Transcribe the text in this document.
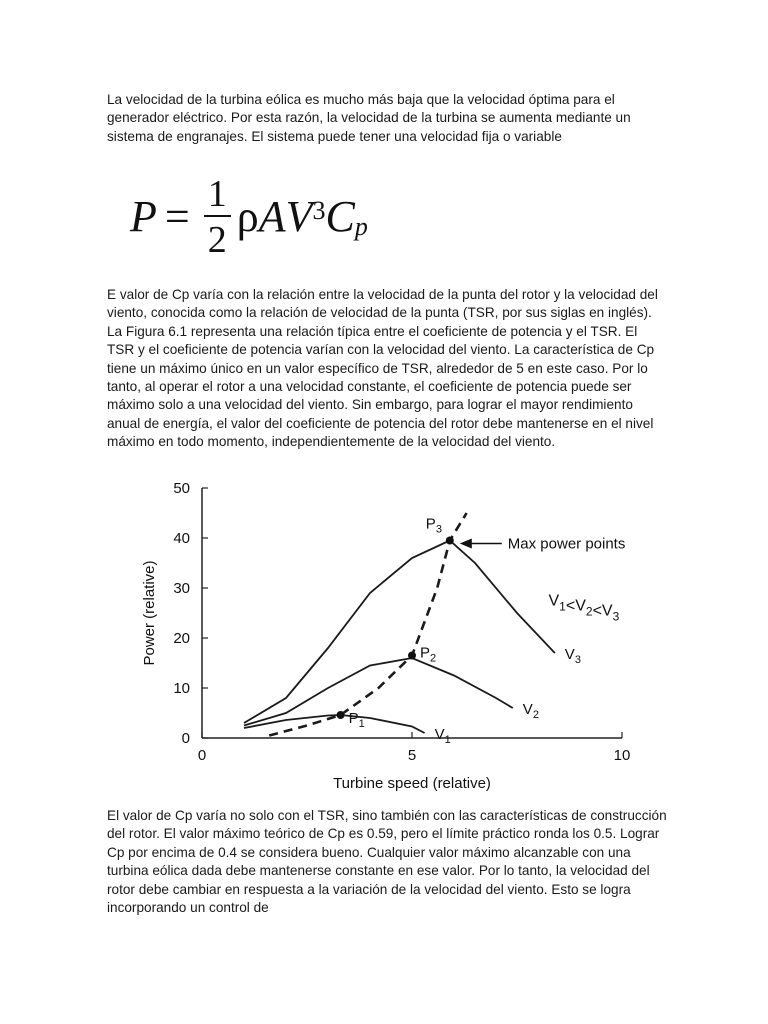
La velocidad de la turbina eólica es mucho más baja que la velocidad óptima para el generador eléctrico. Por esta razón, la velocidad de la turbina se aumenta mediante un sistema de engranajes. El sistema puede tener una velocidad fija o variable

$P = \frac{1}{2}$ ρ A $V^3$ $C_p$

E valor de Cp varía con la relación entre la velocidad de la punta del rotor y la velocidad del viento, conocida como la relación de velocidad de la punta (TSR, por sus siglas en inglés). La Figura 6.1 representa una relación típica entre el coeficiente de potencia y el TSR. El TSR y el coeficiente de potencia varían con la velocidad del viento. La característica de Cp tiene un máximo único en un valor específico de TSR, alrededor de 5 en este caso. Por lo tanto, al operar el rotor a una velocidad constante, el coeficiente de potencia puede ser máximo solo a una velocidad del viento. Sin embargo, para lograr el mayor rendimiento anual de energía, el valor del coeficiente de potencia del rotor debe mantenerse en el nivel máximo en todo momento, independientemente de la velocidad del viento.

0	5	10
0
10
20
30
40
50
Turbine speed (relative)
Power (relative)
$V_1$
$V_2$
$V_3$
$P_1$
$P_2$
$P_3$
Max power points
$V_1<V_2<V_3$

El valor de Cp varía no solo con el TSR, sino también con las características de construcción del rotor. El valor máximo teórico de Cp es 0.59, pero el límite práctico ronda los 0.5. Lograr Cp por encima de 0.4 se considera bueno. Cualquier valor máximo alcanzable con una turbina eólica dada debe mantenerse constante en ese valor. Por lo tanto, la velocidad del rotor debe cambiar en respuesta a la variación de la velocidad del viento. Esto se logra incorporando un control de
